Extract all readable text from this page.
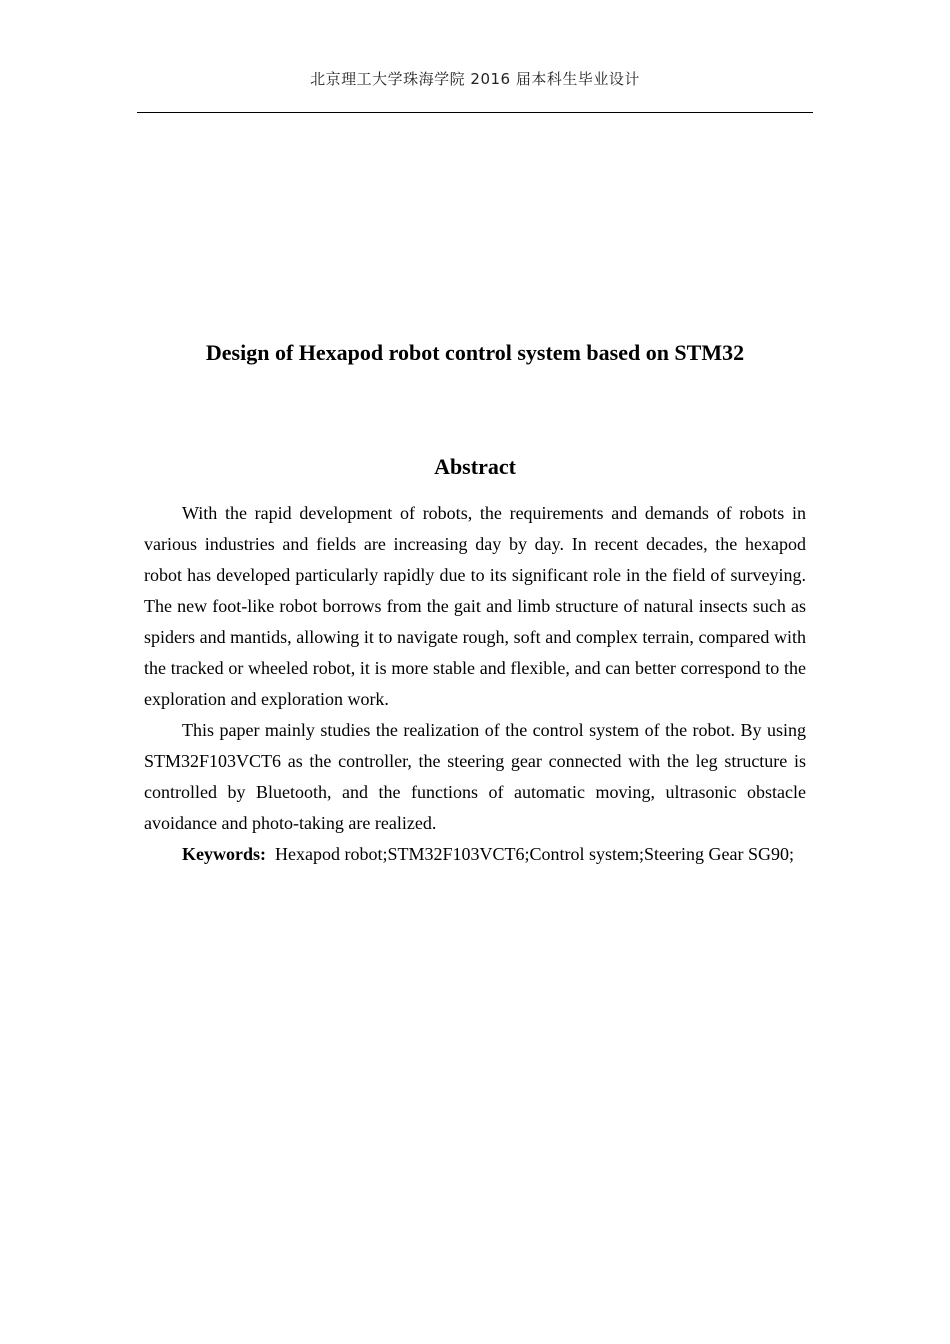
北京理工大学珠海学院 2016 届本科生毕业设计
Design of Hexapod robot control system based on STM32
Abstract

With the rapid development of robots, the requirements and demands of robots in various industries and fields are increasing day by day. In recent decades, the hexapod robot has developed particularly rapidly due to its significant role in the field of surveying. The new foot-like robot borrows from the gait and limb structure of natural insects such as spiders and mantids, allowing it to navigate rough, soft and complex terrain, compared with the tracked or wheeled robot, it is more stable and flexible, and can better correspond to the exploration and exploration work.

This paper mainly studies the realization of the control system of the robot. By using STM32F103VCT6 as the controller, the steering gear connected with the leg structure is controlled by Bluetooth, and the functions of automatic moving, ultrasonic obstacle avoidance and photo-taking are realized.

Keywords: Hexapod robot;STM32F103VCT6;Control system;Steering Gear SG90;
